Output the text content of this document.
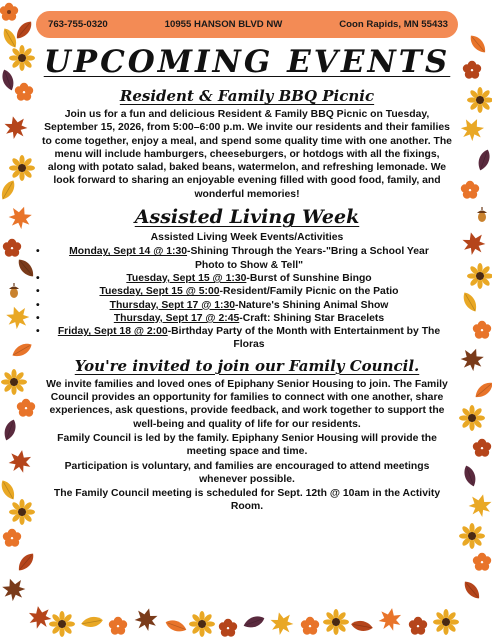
763-755-0320	10955 HANSON BLVD NW	Coon Rapids, MN 55433
UPCOMING EVENTS
Resident & Family BBQ Picnic

Join us for a fun and delicious Resident & Family BBQ Picnic on Tuesday, September 15, 2026, from 5:00–6:00 p.m. We invite our residents and their families to come together, enjoy a meal, and spend some quality time with one another. The menu will include hamburgers, cheeseburgers, or hotdogs with all the fixings, along with potato salad, baked beans, watermelon, and refreshing lemonade. We look forward to sharing an enjoyable evening filled with good food, family, and wonderful memories!

Assisted Living Week

Assisted Living Week Events/Activities

• Monday, Sept 14 @ 1:30-Shining Through the Years-"Bring a School Year Photo to Show & Tell"
• Tuesday, Sept 15 @ 1:30-Burst of Sunshine Bingo
• Tuesday, Sept 15 @ 5:00-Resident/Family Picnic on the Patio
• Thursday, Sept 17 @ 1:30-Nature's Shining Animal Show
• Thursday, Sept 17 @ 2:45-Craft: Shining Star Bracelets
• Friday, Sept 18 @ 2:00-Birthday Party of the Month with Entertainment by The Floras
You're invited to join our Family Council.

We invite families and loved ones of Epiphany Senior Housing to join. The Family Council provides an opportunity for families to connect with one another, share experiences, ask questions, provide feedback, and work together to support the well-being and quality of life for our residents.

Family Council is led by the family. Epiphany Senior Housing will provide the meeting space and time.

Participation is voluntary, and families are encouraged to attend meetings whenever possible.

The Family Council meeting is scheduled for Sept. 12th @ 10am in the Activity Room.
